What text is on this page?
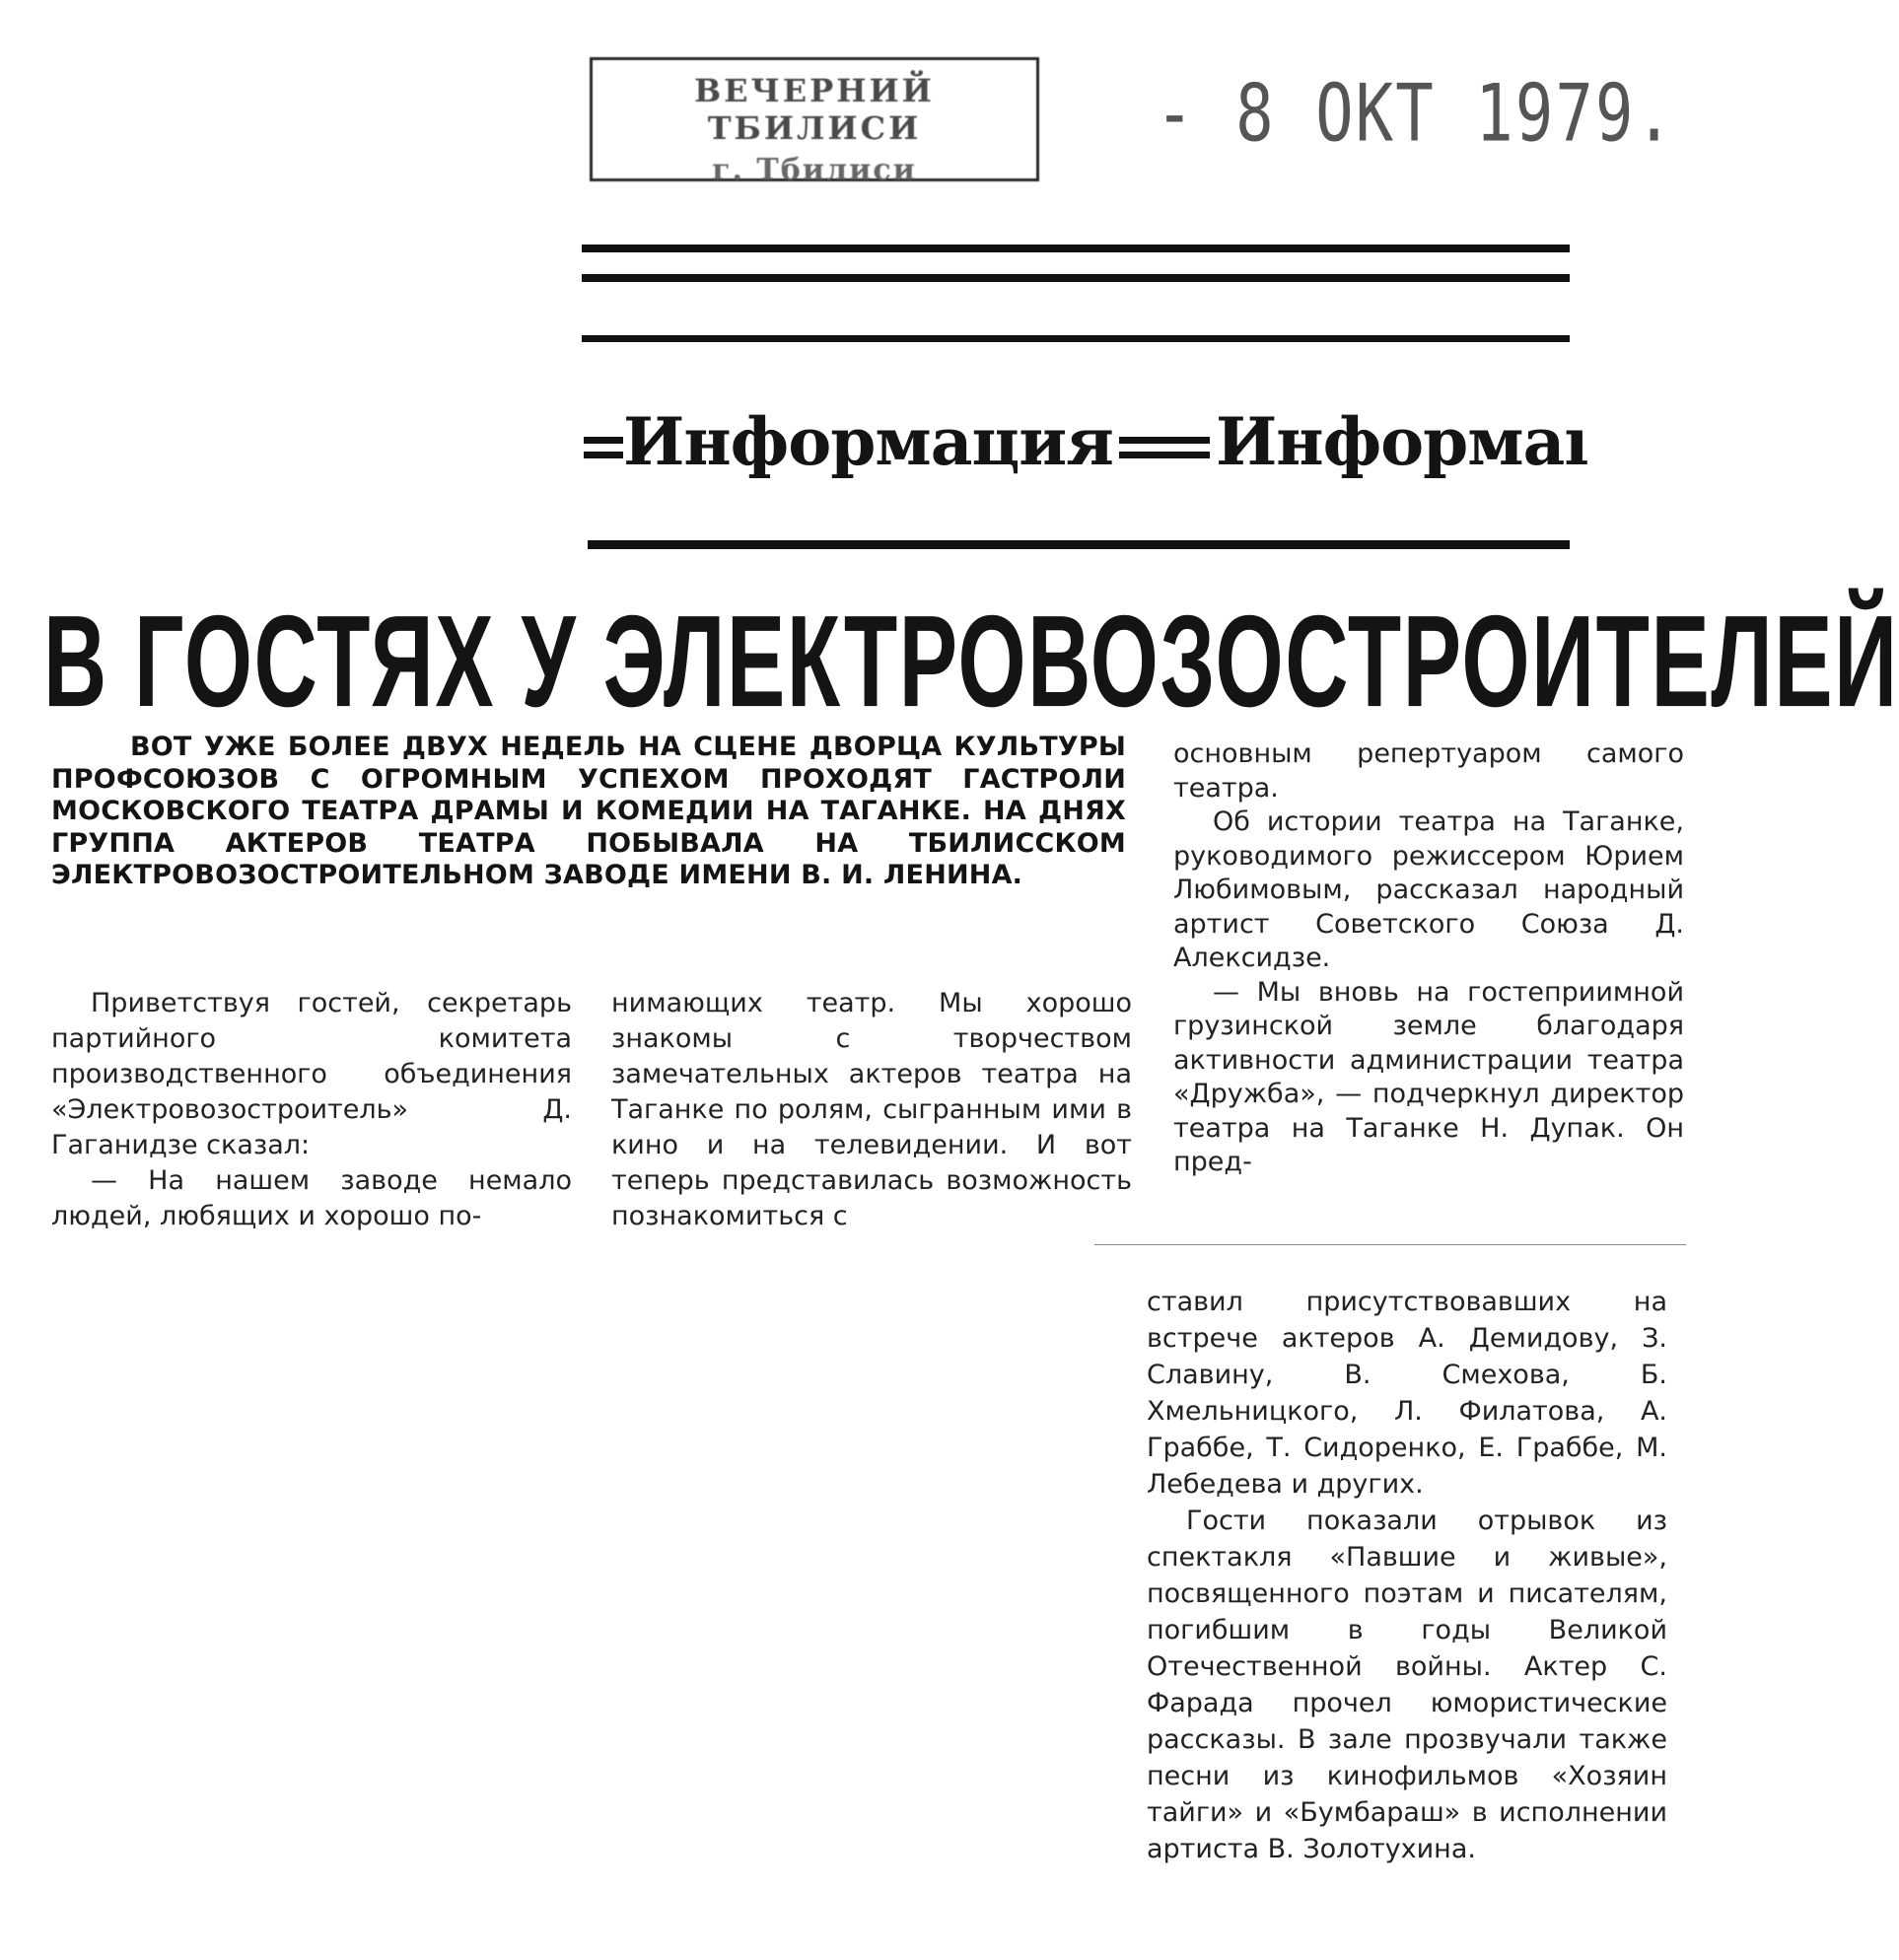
ВЕЧЕРНИЙ ТБИЛИСИ
г. Тбилиси
- 8 ОКТ 1979.
Информация Информаı
В ГОСТЯХ У ЭЛЕКТРОВОЗОСТРОИТЕЛЕЙ

ВОТ УЖЕ БОЛЕЕ ДВУХ НЕДЕЛЬ НА СЦЕНЕ ДВОРЦА КУЛЬТУРЫ ПРОФСОЮЗОВ С ОГРОМНЫМ УСПЕХОМ ПРОХОДЯТ ГАСТРОЛИ МОСКОВСКОГО ТЕАТРА ДРАМЫ И КОМЕДИИ НА ТАГАНКЕ. НА ДНЯХ ГРУППА АКТЕРОВ ТЕАТРА ПОБЫВАЛА НА ТБИЛИССКОМ ЭЛЕКТРОВОЗОСТРОИТЕЛЬНОМ ЗАВОДЕ ИМЕНИ В. И. ЛЕНИНА.

Приветствуя гостей, секретарь партийного комитета производственного объединения «Электровозостроитель» Д. Гаганидзе сказал:

— На нашем заводе немало людей, любящих и хорошо по-

нимающих театр. Мы хорошо знакомы с творчеством замечательных актеров театра на Таганке по ролям, сыгранным ими в кино и на телевидении. И вот теперь представилась возможность познакомиться с

основным репертуаром самого театра.

Об истории театра на Таганке, руководимого режиссером Юрием Любимовым, рассказал народный артист Советского Союза Д. Алексидзе.

— Мы вновь на гостеприимной грузинской земле благодаря активности администрации театра «Дружба», — подчеркнул директор театра на Таганке Н. Дупак. Он пред-

ставил присутствовавших на встрече актеров А. Демидову, З. Славину, В. Смехова, Б. Хмельницкого, Л. Филатова, А. Граббе, Т. Сидоренко, Е. Граббе, М. Лебедева и других.

Гости показали отрывок из спектакля «Павшие и живые», посвященного поэтам и писателям, погибшим в годы Великой Отечественной войны. Актер С. Фарада прочел юмористические рассказы. В зале прозвучали также песни из кинофильмов «Хозяин тайги» и «Бумбараш» в исполнении артиста В. Золотухина.
